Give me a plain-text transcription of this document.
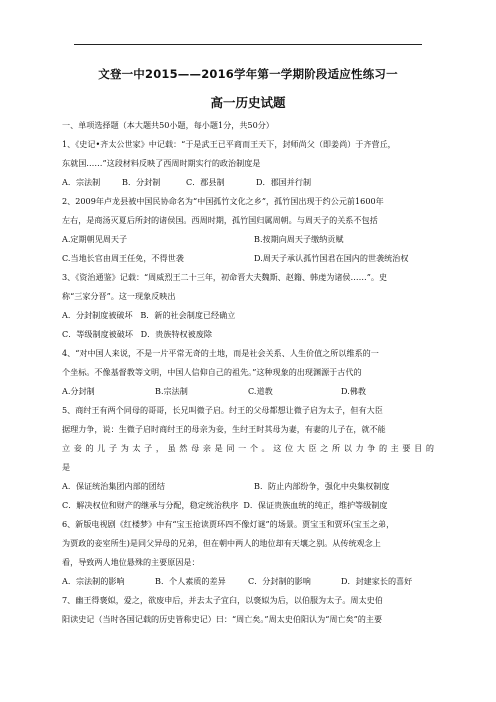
文登一中2015——2016学年第一学期阶段适应性练习一
高一历史试题
一、单项选择题（本大题共50小题，每小题1分，共50分）
1、《史记•齐太公世家》中记载：“于是武王已平商而王天下，封师尚父（即姜尚）于齐营丘，
东就国……”这段材料反映了西周时期实行的政治制度是
A．宗法制	B．分封制	C．郡县制	D．郡国并行制
2、2009年卢龙县被中国民协命名为“中国孤竹文化之乡”，孤竹国出现于约公元前1600年
左右，是商汤灭夏后所封的诸侯国。西周时期，孤竹国归属周朝。与周天子的关系不包括
A.定期朝见周天子	B.按期向周天子缴纳贡赋
C.当地长官由周王任免，不得世袭	D.周天子承认孤竹国君在国内的世袭统治权
3、《资治通鉴》记载：“周威烈王二十三年，初命晋大夫魏斯、赵籍、韩虔为诸侯……”。史
称“三家分晋”。这一现象反映出
A．分封制度被破坏 B．新的社会制度已经确立
C．等级制度被破坏 D．贵族特权被废除
4、“对中国人来说，不是一片平常无奇的土地，而是社会关系、人生价值之所以维系的一
个坐标。不像基督教等文明，中国人信仰自己的祖先。”这种现象的出现渊源于古代的
A.分封制	B.宗法制	C.道教	D.佛教
5、商纣王有两个同母的哥哥，长兄叫微子启。纣王的父母都想让微子启为太子，但有大臣
据理力争，说：生微子启时商纣王的母亲为妾，生纣王时其母为妻，有妻的儿子在，就不能
立妾的儿子为太子，虽然母亲是同一个。这位大臣之所以力争的主要目的
是
A．保证统治集团内部的团结	B．防止内部纷争，强化中央集权制度
C．解决权位和财产的继承与分配，稳定统治秩序 D．保证贵族血统的纯正，维护等级制度
6、新版电视剧《红楼梦》中有“宝玉抢读贾环四不像灯谜”的场景。贾宝玉和贾环(宝玉之弟，
为贾政的妾室所生)是同父异母的兄弟，但在朝中两人的地位却有天壤之别。从传统观念上
看，导致两人地位悬殊的主要原因是：
A．宗法制的影响	B．个人素质的差异	C．分封制的影响	D．封建家长的喜好
7、幽王得褒姒，爱之，欲废申后，并去太子宜臼，以褒姒为后，以伯服为太子。周太史伯
阳读史记（当时各国记载的历史皆称史记）曰：“周亡矣。”周太史伯阳认为“周亡矣”的主要
